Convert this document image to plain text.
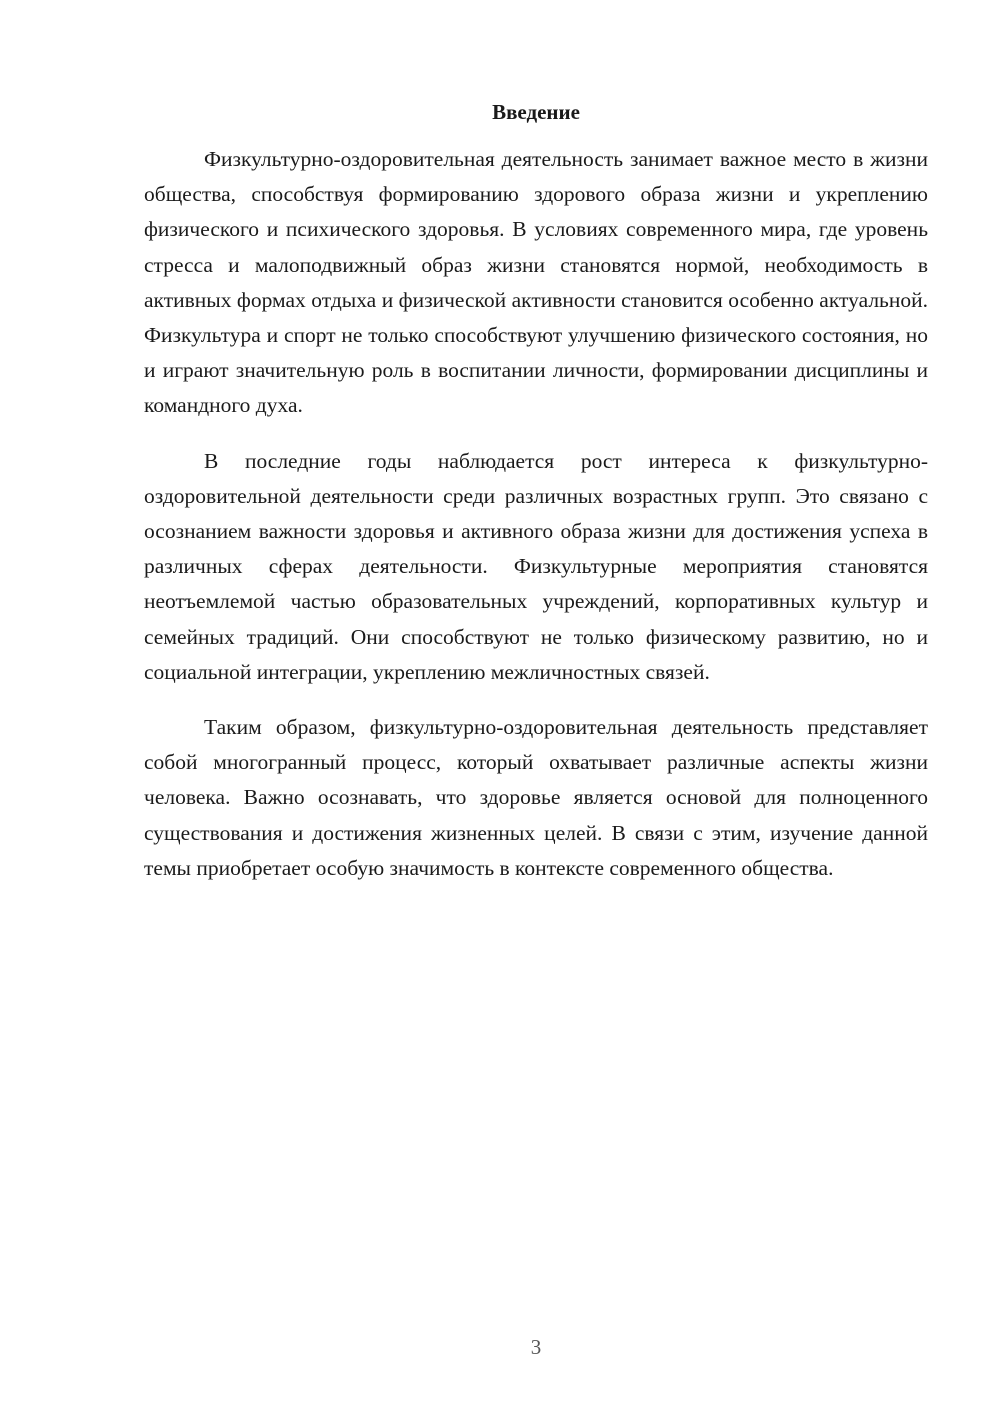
Введение

Физкультурно-оздоровительная деятельность занимает важное место в жизни общества, способствуя формированию здорового образа жизни и укреплению физического и психического здоровья. В условиях современного мира, где уровень стресса и малоподвижный образ жизни становятся нормой, необходимость в активных формах отдыха и физической активности становится особенно актуальной. Физкультура и спорт не только способствуют улучшению физического состояния, но и играют значительную роль в воспитании личности, формировании дисциплины и командного духа.

В последние годы наблюдается рост интереса к физкультурно-оздоровительной деятельности среди различных возрастных групп. Это связано с осознанием важности здоровья и активного образа жизни для достижения успеха в различных сферах деятельности. Физкультурные мероприятия становятся неотъемлемой частью образовательных учреждений, корпоративных культур и семейных традиций. Они способствуют не только физическому развитию, но и социальной интеграции, укреплению межличностных связей.

Таким образом, физкультурно-оздоровительная деятельность представляет собой многогранный процесс, который охватывает различные аспекты жизни человека. Важно осознавать, что здоровье является основой для полноценного существования и достижения жизненных целей. В связи с этим, изучение данной темы приобретает особую значимость в контексте современного общества.

3
